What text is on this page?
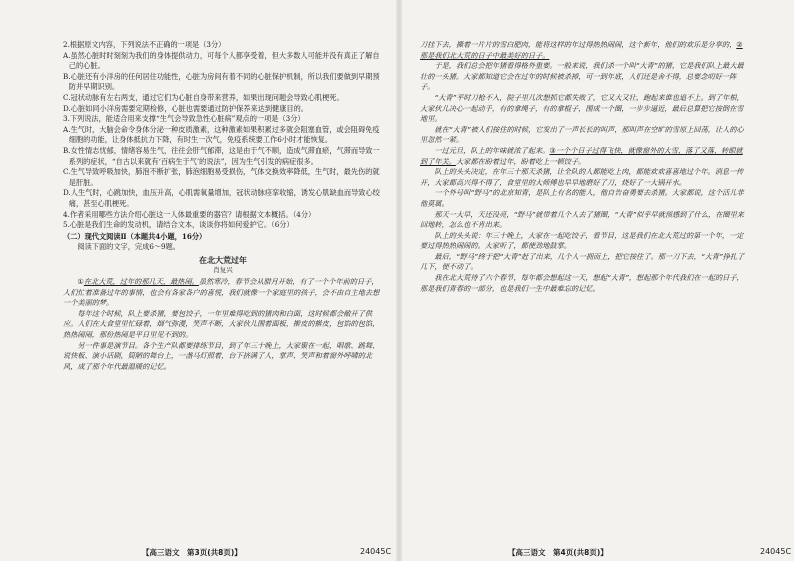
2.根据原文内容，下列说法不正确的一项是（3分）

A.虽然心脏时时刻刻为我们的身体提供动力，可每个人都享受着，但大多数人可能并没有真正了解自己的心脏。

B.心脏还有小洋房的任何居住功能性，心脏为房间有着不同的心脏保护机制，所以我们要做到早期预防并早期识别。

C.冠状动脉有左右两支，通过它们为心脏自身带来营养，如果出现问题会导致心肌梗死。

D.心脏如同小洋房需要定期检修，心脏也需要通过防护保养来达到健康目的。

3.下列说法，能适合用来支撑“生气会导致急性心脏病”观点的一项是（3分）

A.生气时，大脑会命令身体分泌一种皮质激素，这种激素如果积累过多就会阻塞血管，或会阻碍免疫细胞的功能，让身体抵抗力下降，有时生一次气，免疫系统要工作6小时才能恢复。

B.女性情志忧郁，情绪容易生气，往往会肝气郁滞，这是由于气不顺，造成气滞血瘀，气滞而导致一系列的症状，“自古以来就有‘百病生于气’的说法”，因为生气引发的病症很多。

C.生气导致呼吸加快，肺泡不断扩张，肺泡细胞易受损伤，气体交换效率降低，生气时，最先伤的就是肝脏。

D.人生气时，心跳加快，血压升高，心肌需氧量增加，冠状动脉痉挛收缩，诱发心肌缺血而导致心绞痛，甚至心肌梗死。

4.作者采用哪些方法介绍心脏这一人体最重要的器官？请根据文本概括。（4分）

5.心脏是我们生命的发动机，请结合文本，谈谈你将如何爱护它。（6分）

（二）现代文阅读Ⅱ（本题共4小题，16分）

阅读下面的文字，完成6～9题。

在北大荒过年

肖复兴

①在北大荒，过年的那几天，最热闹。虽然寒冷，春节会从腊月开始，有了一个个年前的日子，人们忙着准备过年的事情，也会有各家各户的喜悦，我们就像一个家庭里的孩子，会不由自主地去想一个美丽的梦。

每年这个时候，队上要杀猪，要包饺子，一年里难得吃到的猪肉和白面，这时候都会敞开了供应。人们在大食堂里忙碌着，烟气弥漫，笑声不断，大家伙儿围着面板，擀皮的擀皮，包馅的包馅，热热闹闹，那份热闹是平日里见不到的。

另一件事是演节目。各个生产队都要排练节目，到了年三十晚上，大家聚在一起，唱歌、跳舞、说快板、演小话剧，简陋的舞台上，一盏马灯照着，台下挤满了人，掌声、笑声和着窗外呼啸的北风，成了那个年代最温暖的记忆。

刀挂下去，撕着一片片的雪白肥肉，能将这样的年过得热热闹闹，这个新年，他们的欢乐是分享的，②那是我们北大荒的日子中最美好的日子。

于是，我们总会把年猪看得格外重要。一般来说，我们杀一个叫“大青”的猪，它是我们队上最大最壮的一头猪。大家都知道它会在过年的时候被杀掉，可一到年底，人们还是舍不得，总要念叨好一阵子。

“大青”平时刀枪不入，院子里几次想抓它都失败了，它又大又壮，跑起来谁也追不上。到了年根，大家伙儿决心一起动手，有的拿绳子，有的拿棍子，围成一个圈，一步步逼近，最后总算把它按倒在雪地里。

就在“大青”被人们按住的时候，它发出了一声长长的叫声，那叫声在空旷的雪原上回荡，让人的心里忽然一紧。

一过元旦，队上的年味就浓了起来。③一个个日子过得飞快，就像窗外的大雪，落了又落，转眼就到了年关。大家都在盼着过年，盼着吃上一顿饺子。

队上的头头决定，在年三十那天杀猪，让全队的人都能吃上肉，都能欢欢喜喜地过个年。消息一传开，大家都高兴得不得了，食堂里的大师傅也早早地磨好了刀，烧好了一大锅开水。

一个外号叫“野马”的北京知青，是队上有名的能人，他自告奋勇要去杀猪。大家都说，这个活儿非他莫属。

那天一大早，天还没亮，“野马”就带着几个人去了猪圈，“大青”似乎早就预感到了什么，在圈里来回地转，怎么也不肯出来。

队上的头头说：年三十晚上，大家在一起吃饺子，看节目，这是我们在北大荒过的第一个年，一定要过得热热闹闹的。大家听了，都使劲地鼓掌。

最后，“野马”终于把“大青”赶了出来，几个人一拥而上，把它按住了。那一刀下去，“大青”挣扎了几下，便不动了。

我在北大荒待了六个春节，每年都会想起这一天，想起“大青”，想起那个年代我们在一起的日子，那是我们青春的一部分，也是我们一生中最难忘的记忆。

【高三语文　第3页(共8页)】	24045C	【高三语文　第4页(共8页)】	24045C
